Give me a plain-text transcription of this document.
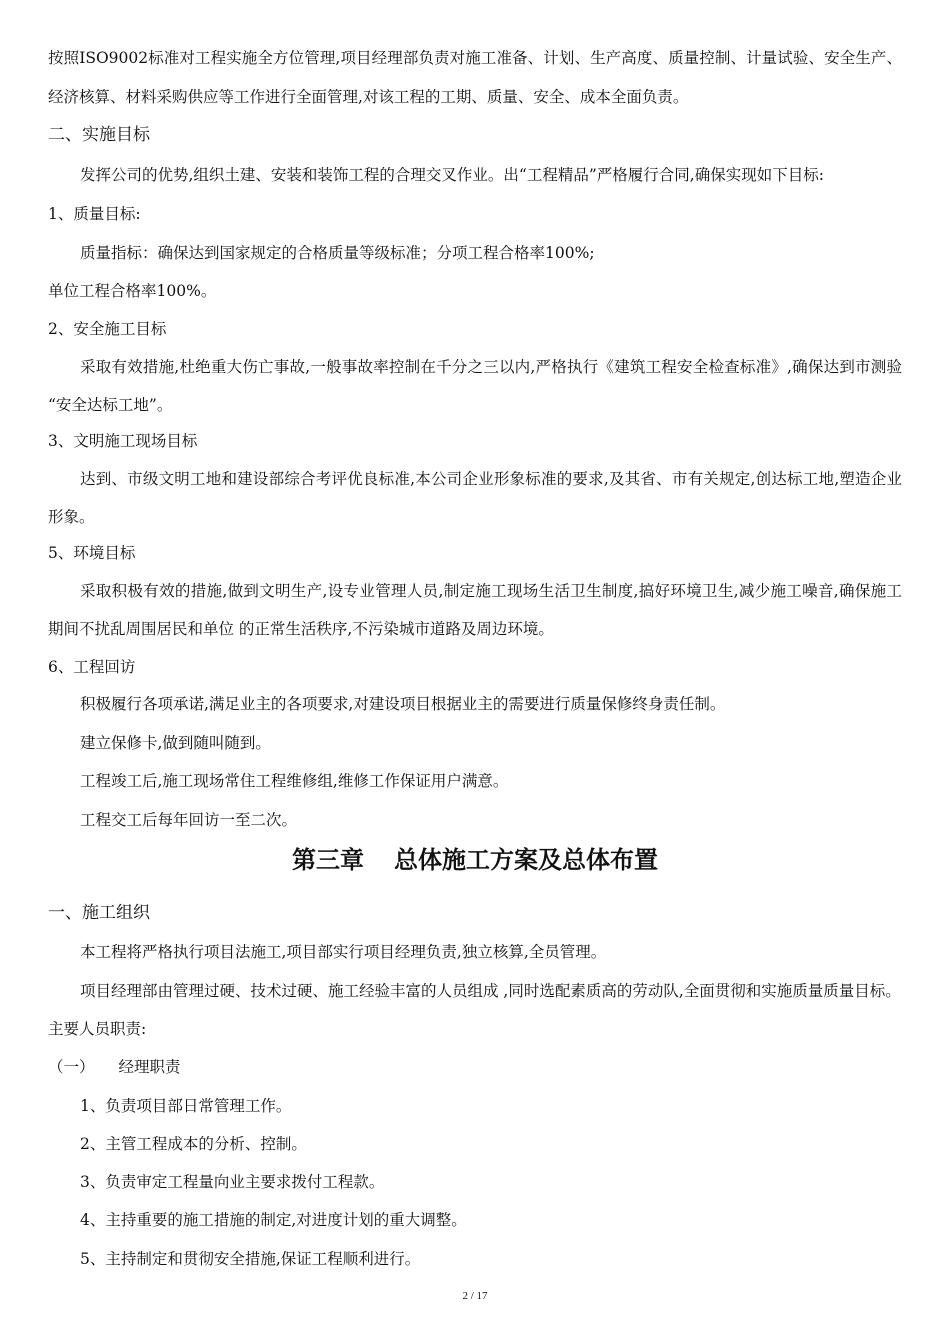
按照ISO9002标准对工程实施全方位管理,项目经理部负责对施工准备、计划、生产高度、质量控制、计量试验、安全生产、
经济核算、材料采购供应等工作进行全面管理,对该工程的工期、质量、安全、成本全面负责。
二、实施目标
发挥公司的优势,组织土建、安装和装饰工程的合理交叉作业。出“工程精品”严格履行合同,确保实现如下目标:
1、质量目标:
质量指标：确保达到国家规定的合格质量等级标准；分项工程合格率100%;
单位工程合格率100%。
2、安全施工目标
采取有效措施,杜绝重大伤亡事故,一般事故率控制在千分之三以内,严格执行《建筑工程安全检查标准》,确保达到市测验
“安全达标工地”。
3、文明施工现场目标
达到、市级文明工地和建设部综合考评优良标准,本公司企业形象标准的要求,及其省、市有关规定,创达标工地,塑造企业
形象。
5、环境目标
采取积极有效的措施,做到文明生产,设专业管理人员,制定施工现场生活卫生制度,搞好环境卫生,减少施工噪音,确保施工
期间不扰乱周围居民和单位 的正常生活秩序,不污染城市道路及周边环境。
6、工程回访
积极履行各项承诺,满足业主的各项要求,对建设项目根据业主的需要进行质量保修终身责任制。
建立保修卡,做到随叫随到。
工程竣工后,施工现场常住工程维修组,维修工作保证用户满意。
工程交工后每年回访一至二次。
第三章 总体施工方案及总体布置
一、施工组织
本工程将严格执行项目法施工,项目部实行项目经理负责,独立核算,全员管理。
项目经理部由管理过硬、技术过硬、施工经验丰富的人员组成 ,同时选配素质高的劳动队,全面贯彻和实施质量质量目标。
主要人员职责:
（一） 经理职责
1、负责项目部日常管理工作。
2、主管工程成本的分析、控制。
3、负责审定工程量向业主要求拨付工程款。
4、主持重要的施工措施的制定,对进度计划的重大调整。
5、主持制定和贯彻安全措施,保证工程顺利进行。
2 / 17
